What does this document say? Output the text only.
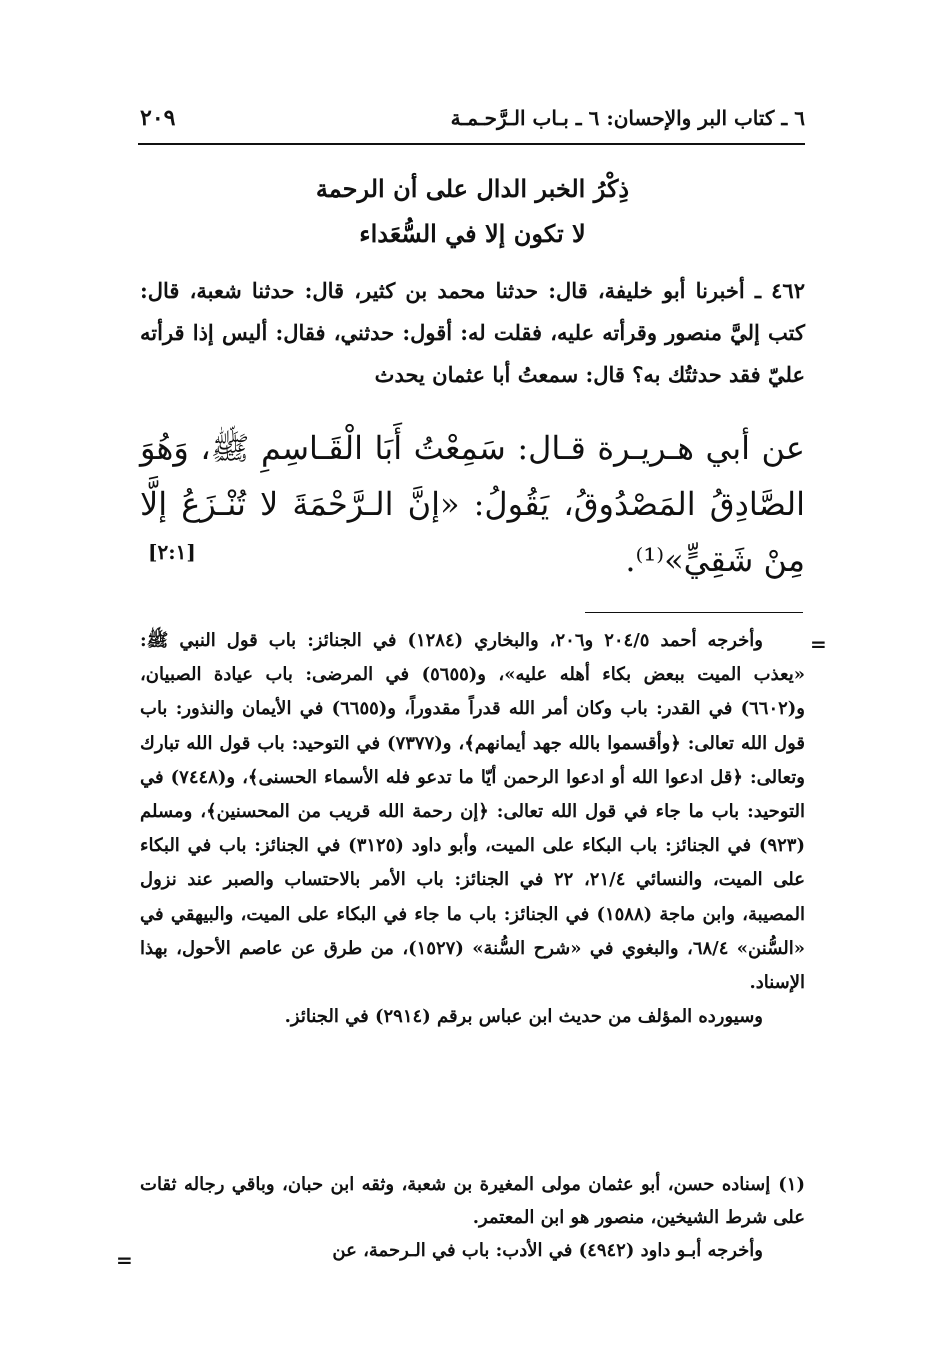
٢٠٩	٦ ـ كتاب البر والإحسان: ٦ ـ بـاب الـرَّحـمـة
ذِكْرُ الخبر الدال على أن الرحمة
لا تكون إلا في السُّعَداء
٤٦٢ ـ أخبرنا أبو خليفة، قال: حدثنا محمد بن كثير، قال: حدثنا شعبة، قال: كتب إليَّ منصور وقرأته عليه، فقلت له: أقول: حدثني، فقال: أليس إذا قرأته عليّ فقد حدثتُك به؟ قال: سمعتُ أبا عثمان يحدث
عن أبي هـريـرة قـال: سَمِعْتُ أَبَا الْقَـاسِمِ ﷺ، وَهُوَ الصَّادِقُ المَصْدُوقُ، يَقُولُ: «إنَّ الـرَّحْمَةَ لا تُنْـزَعُ إلَّا مِنْ شَقِيٍّ»⁽¹⁾.
[٢:١]
=

وأخرجه أحمد ٢٠٤/٥ و٢٠٦، والبخاري (١٢٨٤) في الجنائز: باب قول النبي ﷺ: «يعذب الميت ببعض بكاء أهله عليه»، و(٥٦٥٥) في المرضى: باب عيادة الصبيان، و(٦٦٠٢) في القدر: باب وكان أمر الله قدراً مقدوراً، و(٦٦٥٥) في الأيمان والنذور: باب قول الله تعالى: ﴿وأقسموا بالله جهد أيمانهم﴾، و(٧٣٧٧) في التوحيد: باب قول الله تبارك وتعالى: ﴿قل ادعوا الله أو ادعوا الرحمن أيّا ما تدعو فله الأسماء الحسنى﴾، و(٧٤٤٨) في التوحيد: باب ما جاء في قول الله تعالى: ﴿إن رحمة الله قريب من المحسنين﴾، ومسلم (٩٢٣) في الجنائز: باب البكاء على الميت، وأبو داود (٣١٢٥) في الجنائز: باب في البكاء على الميت، والنسائي ٢١/٤، ٢٢ في الجنائز: باب الأمر بالاحتساب والصبر عند نزول المصيبة، وابن ماجة (١٥٨٨) في الجنائز: باب ما جاء في البكاء على الميت، والبيهقي في «السُّنن» ٦٨/٤، والبغوي في «شرح السُّنة» (١٥٢٧)، من طرق عن عاصم الأحول، بهذا الإسناد.

وسيورده المؤلف من حديث ابن عباس برقم (٢٩١٤) في الجنائز.

(١)إسناده حسن، أبو عثمان مولى المغيرة بن شعبة، وثقه ابن حبان، وباقي رجاله ثقات على شرط الشيخين، منصور هو ابن المعتمر.

وأخرجه أبـو داود (٤٩٤٢) في الأدب: باب في الـرحمة، عن

=
